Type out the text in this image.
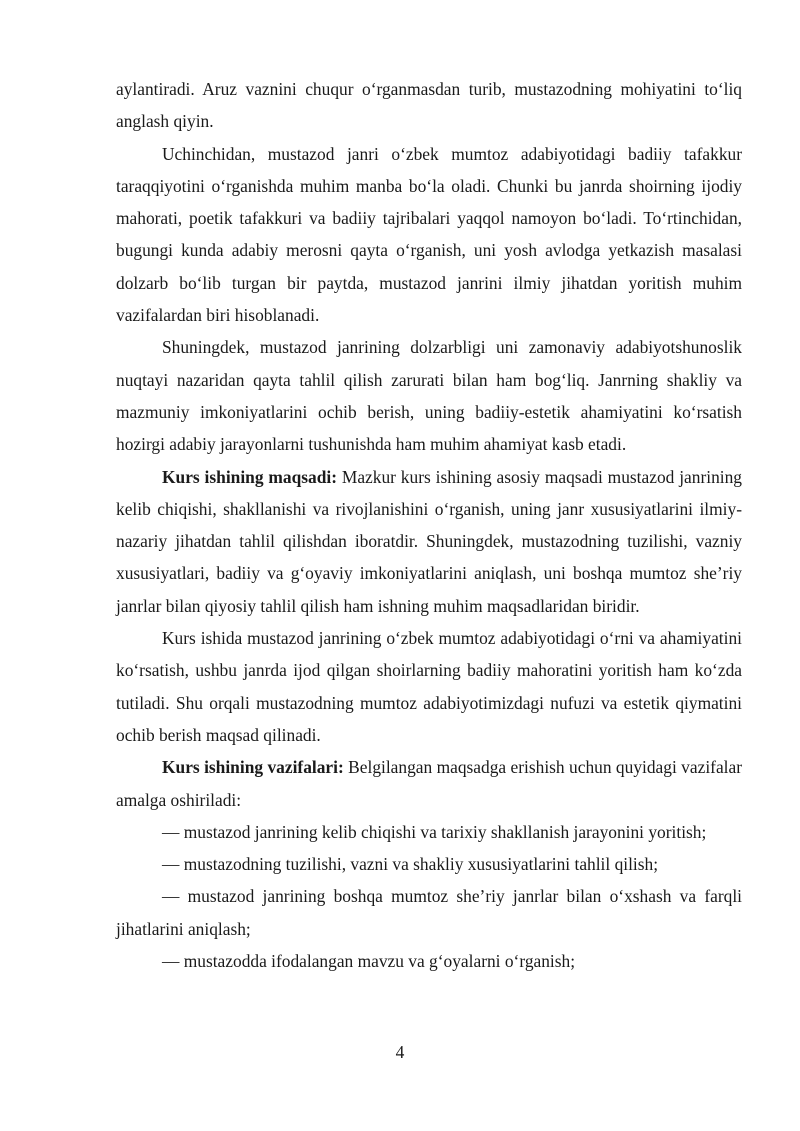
aylantiradi. Aruz vaznini chuqur o‘rganmasdan turib, mustazodning mohiyatini to‘liq anglash qiyin.

Uchinchidan, mustazod janri o‘zbek mumtoz adabiyotidagi badiiy tafakkur taraqqiyotini o‘rganishda muhim manba bo‘la oladi. Chunki bu janrda shoirning ijodiy mahorati, poetik tafakkuri va badiiy tajribalari yaqqol namoyon bo‘ladi. To‘rtinchidan, bugungi kunda adabiy merosni qayta o‘rganish, uni yosh avlodga yetkazish masalasi dolzarb bo‘lib turgan bir paytda, mustazod janrini ilmiy jihatdan yoritish muhim vazifalardan biri hisoblanadi.

Shuningdek, mustazod janrining dolzarbligi uni zamonaviy adabiyotshunoslik nuqtayi nazaridan qayta tahlil qilish zarurati bilan ham bog‘liq. Janrning shakliy va mazmuniy imkoniyatlarini ochib berish, uning badiiy-estetik ahamiyatini ko‘rsatish hozirgi adabiy jarayonlarni tushunishda ham muhim ahamiyat kasb etadi.

Kurs ishining maqsadi: Mazkur kurs ishining asosiy maqsadi mustazod janrining kelib chiqishi, shakllanishi va rivojlanishini o‘rganish, uning janr xususiyatlarini ilmiy-nazariy jihatdan tahlil qilishdan iboratdir. Shuningdek, mustazodning tuzilishi, vazniy xususiyatlari, badiiy va g‘oyaviy imkoniyatlarini aniqlash, uni boshqa mumtoz she’riy janrlar bilan qiyosiy tahlil qilish ham ishning muhim maqsadlaridan biridir.

Kurs ishida mustazod janrining o‘zbek mumtoz adabiyotidagi o‘rni va ahamiyatini ko‘rsatish, ushbu janrda ijod qilgan shoirlarning badiiy mahoratini yoritish ham ko‘zda tutiladi. Shu orqali mustazodning mumtoz adabiyotimizdagi nufuzi va estetik qiymatini ochib berish maqsad qilinadi.

Kurs ishining vazifalari: Belgilangan maqsadga erishish uchun quyidagi vazifalar amalga oshiriladi:

— mustazod janrining kelib chiqishi va tarixiy shakllanish jarayonini yoritish;

— mustazodning tuzilishi, vazni va shakliy xususiyatlarini tahlil qilish;

— mustazod janrining boshqa mumtoz she’riy janrlar bilan o‘xshash va farqli jihatlarini aniqlash;

— mustazodda ifodalangan mavzu va g‘oyalarni o‘rganish;

4
